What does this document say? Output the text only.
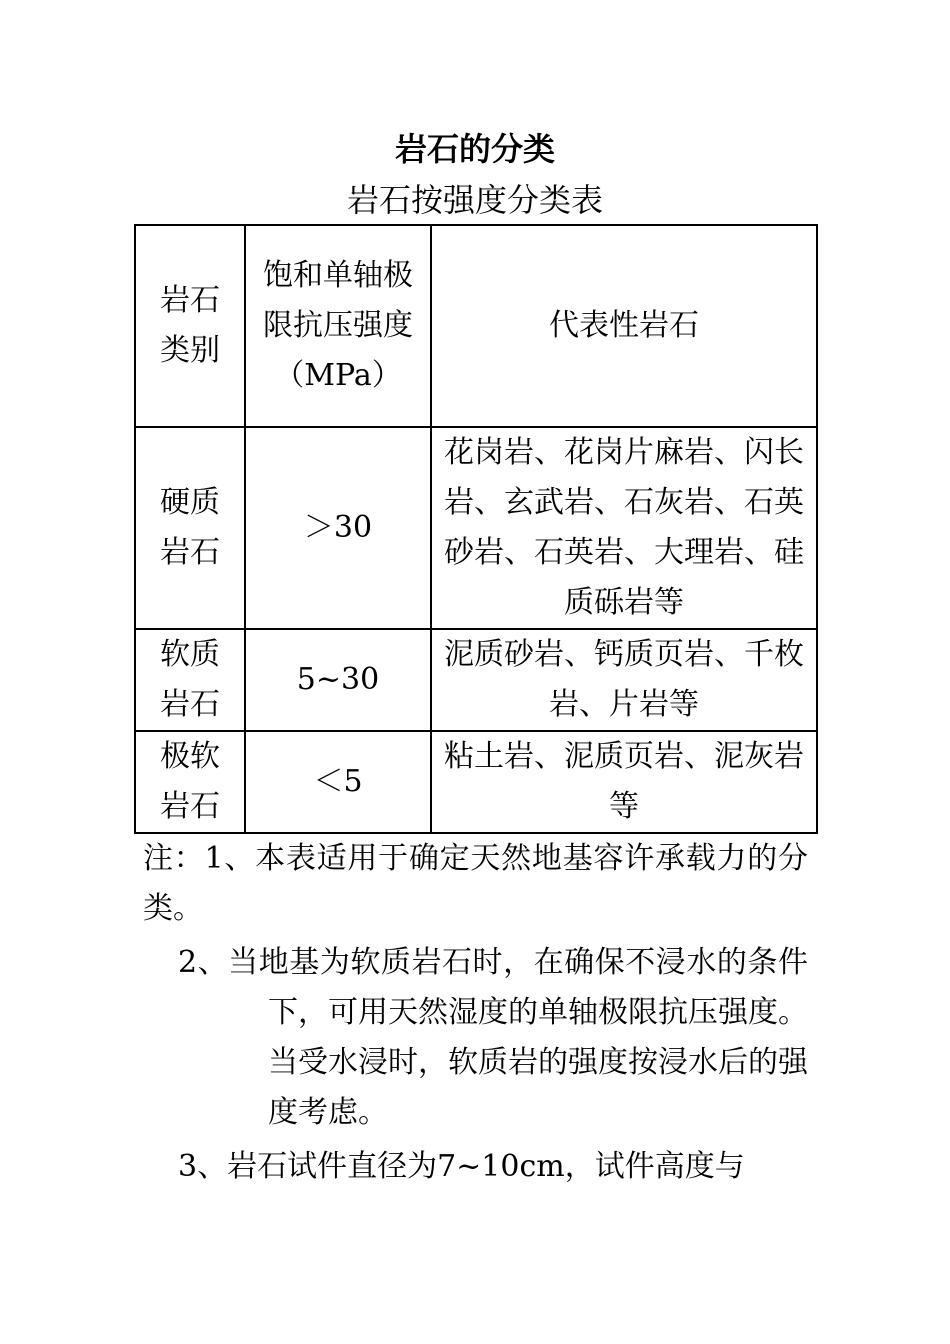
岩石的分类
岩石按强度分类表
岩石类别	饱和单轴极限抗压强度（MPa）	代表性岩石
硬质岩石	＞30	花岗岩、花岗片麻岩、闪长岩、玄武岩、石灰岩、石英砂岩、石英岩、大理岩、硅质砾岩等

软质岩石	5~30	泥质砂岩、钙质页岩、千枚岩、片岩等

极软岩石	＜5	粘土岩、泥质页岩、泥灰岩等

注：1、本表适用于确定天然地基容许承载力的分类。

2、当地基为软质岩石时，在确保不浸水的条件下，可用天然湿度的单轴极限抗压强度。当受水浸时，软质岩的强度按浸水后的强度考虑。

3、岩石试件直径为7~10cm，试件高度与
